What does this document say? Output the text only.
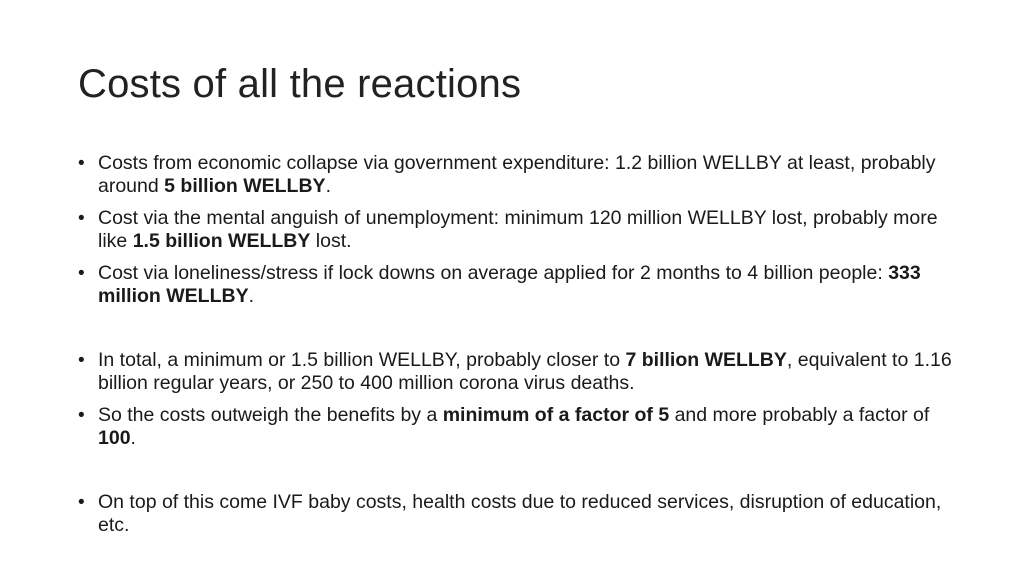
Costs of all the reactions
• Costs from economic collapse via government expenditure: 1.2 billion WELLBY at least, probably around 5 billion WELLBY.
• Cost via the mental anguish of unemployment: minimum 120 million WELLBY lost, probably more like 1.5 billion WELLBY lost.
• Cost via loneliness/stress if lock downs on average applied for 2 months to 4 billion people: 333 million WELLBY.
• In total, a minimum or 1.5 billion WELLBY, probably closer to 7 billion WELLBY, equivalent to 1.16 billion regular years, or 250 to 400 million corona virus deaths.
• So the costs outweigh the benefits by a minimum of a factor of 5 and more probably a factor of 100.
• On top of this come IVF baby costs, health costs due to reduced services, disruption of education, etc.
